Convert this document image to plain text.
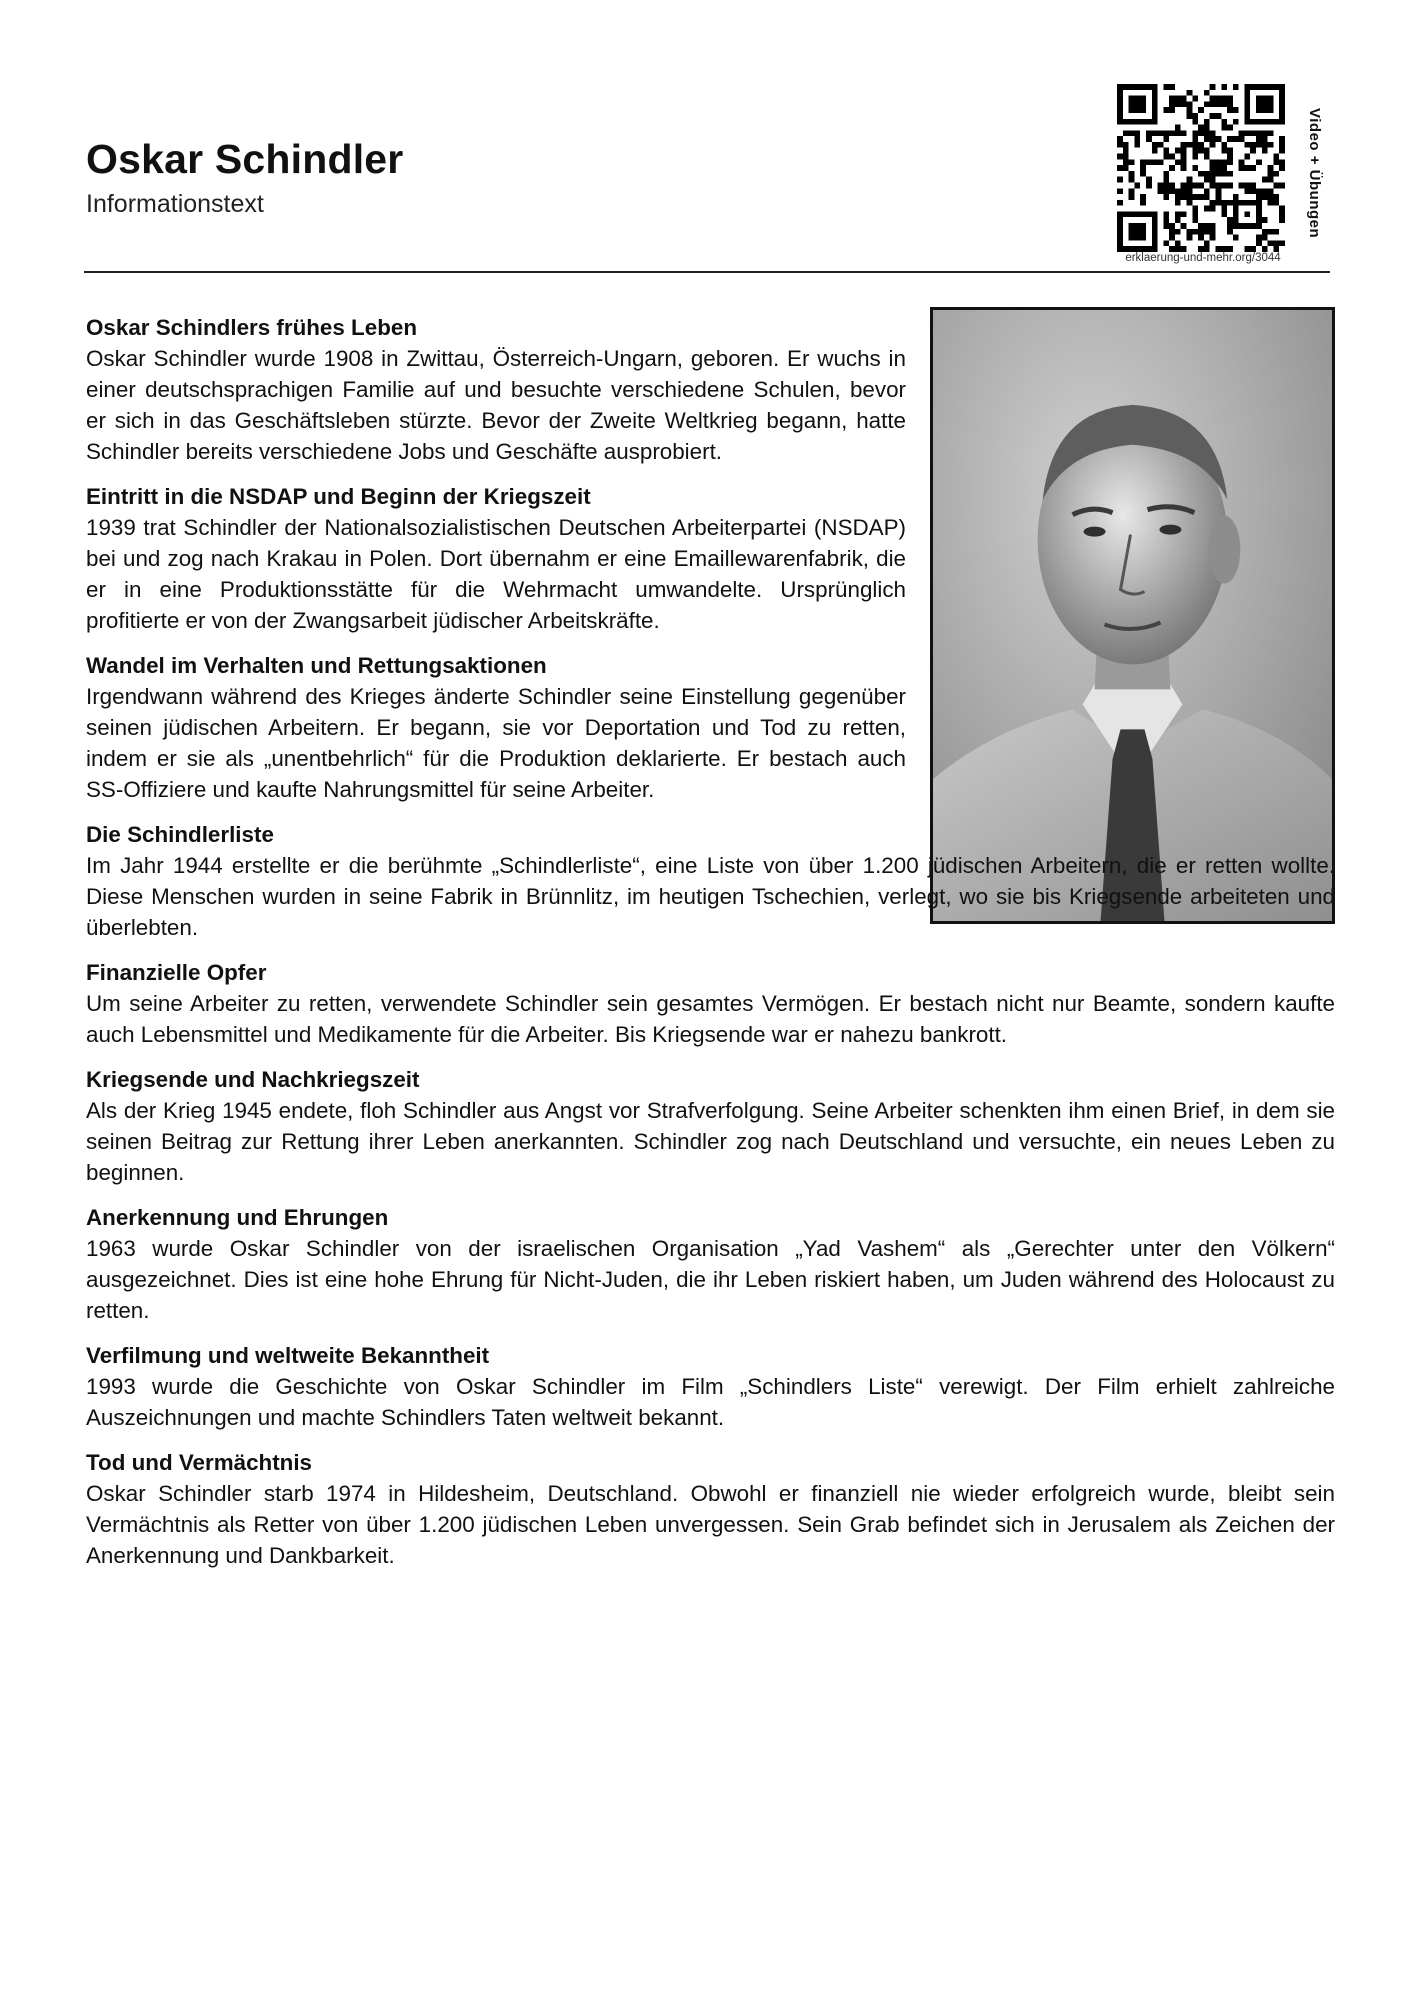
Oskar Schindler
Informationstext
erklaerung-und-mehr.org/3044
Video + Übungen
Oskar Schindlers frühes Leben

Oskar Schindler wurde 1908 in Zwittau, Österreich-Ungarn, geboren. Er wuchs in einer deutschsprachigen Familie auf und besuchte verschiedene Schulen, bevor er sich in das Geschäftsleben stürzte. Bevor der Zweite Weltkrieg begann, hatte Schindler bereits verschiedene Jobs und Geschäfte ausprobiert.

Eintritt in die NSDAP und Beginn der Kriegszeit

1939 trat Schindler der Nationalsozialistischen Deutschen Arbeiterpartei (NSDAP) bei und zog nach Krakau in Polen. Dort übernahm er eine Emaillewarenfabrik, die er in eine Produktionsstätte für die Wehrmacht umwandelte. Ursprünglich profitierte er von der Zwangsarbeit jüdischer Arbeitskräfte.

Wandel im Verhalten und Rettungsaktionen

Irgendwann während des Krieges änderte Schindler seine Einstellung gegenüber seinen jüdischen Arbeitern. Er begann, sie vor Deportation und Tod zu retten, indem er sie als „unentbehrlich“ für die Produktion deklarierte. Er bestach auch SS-Offiziere und kaufte Nahrungsmittel für seine Arbeiter.

Die Schindlerliste

Im Jahr 1944 erstellte er die berühmte „Schindlerliste“, eine Liste von über 1.200 jüdischen Arbeitern, die er retten wollte. Diese Menschen wurden in seine Fabrik in Brünnlitz, im heutigen Tschechien, verlegt, wo sie bis Kriegsende arbeiteten und überlebten.

Finanzielle Opfer

Um seine Arbeiter zu retten, verwendete Schindler sein gesamtes Vermögen. Er bestach nicht nur Beamte, sondern kaufte auch Lebensmittel und Medikamente für die Arbeiter. Bis Kriegsende war er nahezu bankrott.

Kriegsende und Nachkriegszeit

Als der Krieg 1945 endete, floh Schindler aus Angst vor Strafverfolgung. Seine Arbeiter schenkten ihm einen Brief, in dem sie seinen Beitrag zur Rettung ihrer Leben anerkannten. Schindler zog nach Deutschland und versuchte, ein neues Leben zu beginnen.

Anerkennung und Ehrungen

1963 wurde Oskar Schindler von der israelischen Organisation „Yad Vashem“ als „Gerechter unter den Völkern“ ausgezeichnet. Dies ist eine hohe Ehrung für Nicht-Juden, die ihr Leben riskiert haben, um Juden während des Holocaust zu retten.

Verfilmung und weltweite Bekanntheit

1993 wurde die Geschichte von Oskar Schindler im Film „Schindlers Liste“ verewigt. Der Film erhielt zahlreiche Auszeichnungen und machte Schindlers Taten weltweit bekannt.

Tod und Vermächtnis

Oskar Schindler starb 1974 in Hildesheim, Deutschland. Obwohl er finanziell nie wieder erfolgreich wurde, bleibt sein Vermächtnis als Retter von über 1.200 jüdischen Leben unvergessen. Sein Grab befindet sich in Jerusalem als Zeichen der Anerkennung und Dankbarkeit.
